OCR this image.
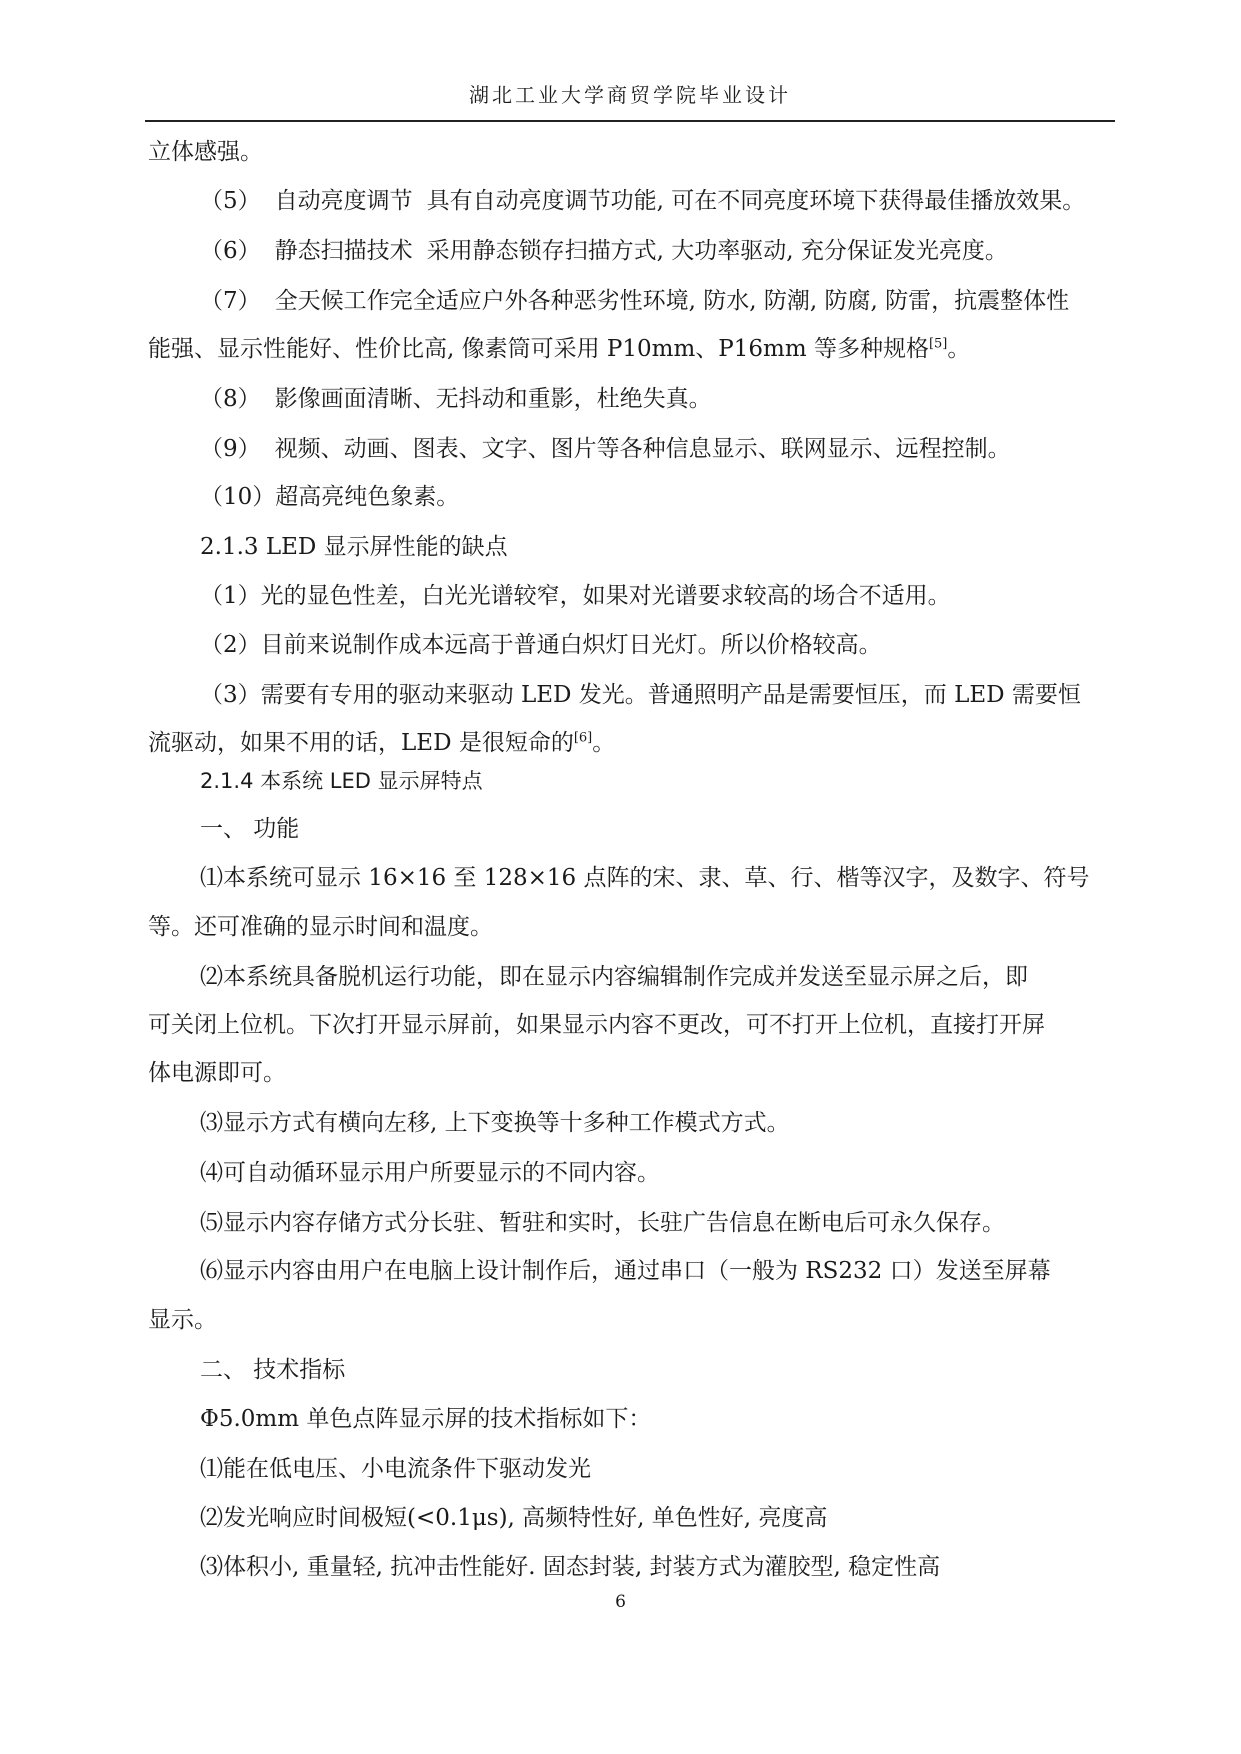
湖北工业大学商贸学院毕业设计
立体感强。
（5） 自动亮度调节 具有自动亮度调节功能, 可在不同亮度环境下获得最佳播放效果。
（6） 静态扫描技术 采用静态锁存扫描方式, 大功率驱动, 充分保证发光亮度。
（7） 全天候工作完全适应户外各种恶劣性环境, 防水, 防潮, 防腐, 防雷，抗震整体性
能强、显示性能好、性价比高, 像素筒可采用 P10mm、P16mm 等多种规格[5]。
（8） 影像画面清晰、无抖动和重影，杜绝失真。
（9） 视频、动画、图表、文字、图片等各种信息显示、联网显示、远程控制。
（10）超高亮纯色象素。
2.1.3 LED 显示屏性能的缺点
（1）光的显色性差，白光光谱较窄，如果对光谱要求较高的场合不适用。
（2）目前来说制作成本远高于普通白炽灯日光灯。所以价格较高。
（3）需要有专用的驱动来驱动 LED 发光。普通照明产品是需要恒压，而 LED 需要恒
流驱动，如果不用的话，LED 是很短命的[6]。
2.1.4 本系统 LED 显示屏特点
一、 功能
⑴本系统可显示 16×16 至 128×16 点阵的宋、隶、草、行、楷等汉字，及数字、符号
等。还可准确的显示时间和温度。
⑵本系统具备脱机运行功能，即在显示内容编辑制作完成并发送至显示屏之后，即
可关闭上位机。下次打开显示屏前，如果显示内容不更改，可不打开上位机，直接打开屏
体电源即可。
⑶显示方式有横向左移, 上下变换等十多种工作模式方式。
⑷可自动循环显示用户所要显示的不同内容。
⑸显示内容存储方式分长驻、暂驻和实时，长驻广告信息在断电后可永久保存。
⑹显示内容由用户在电脑上设计制作后，通过串口（一般为 RS232 口）发送至屏幕
显示。
二、 技术指标
Φ5.0mm 单色点阵显示屏的技术指标如下：
⑴能在低电压、小电流条件下驱动发光
⑵发光响应时间极短(<0.1μs), 高频特性好, 单色性好, 亮度高
⑶体积小, 重量轻, 抗冲击性能好. 固态封装, 封装方式为灌胶型, 稳定性高
6
